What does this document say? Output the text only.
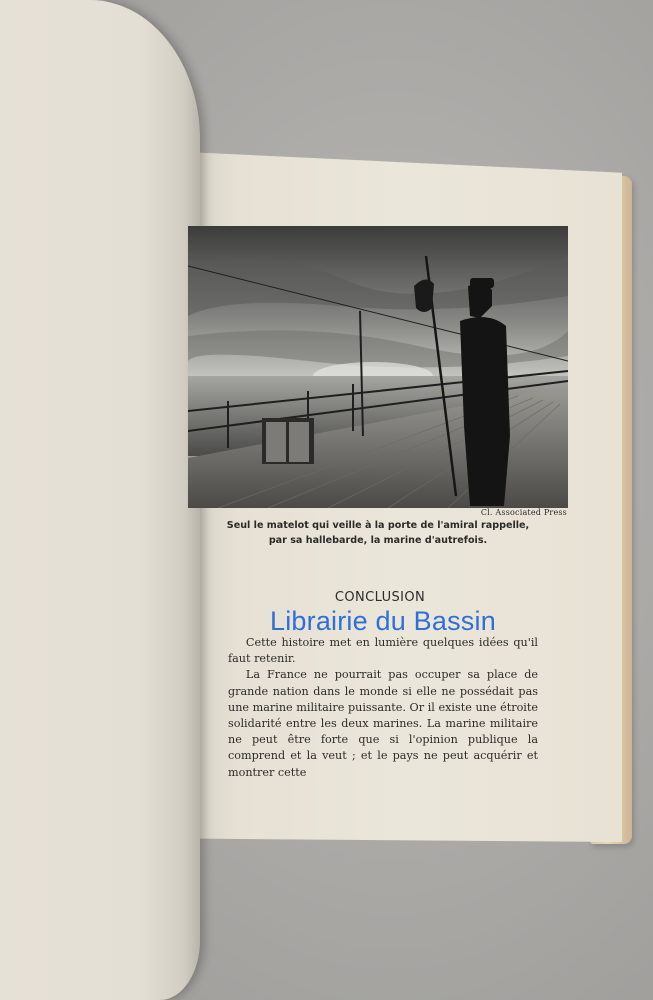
Cl. Associated Press
Seul le matelot qui veille à la porte de l'amiral rappelle,
par sa hallebarde, la marine d'autrefois.
CONCLUSION
Librairie du Bassin

Cette histoire met en lumière quelques idées qu'il faut retenir.

La France ne pourrait pas occuper sa place de grande nation dans le monde si elle ne possédait pas une marine militaire puissante. Or il existe une étroite solidarité entre les deux marines. La marine militaire ne peut être forte que si l'opinion publique la comprend et la veut ; et le pays ne peut acquérir et montrer cette
